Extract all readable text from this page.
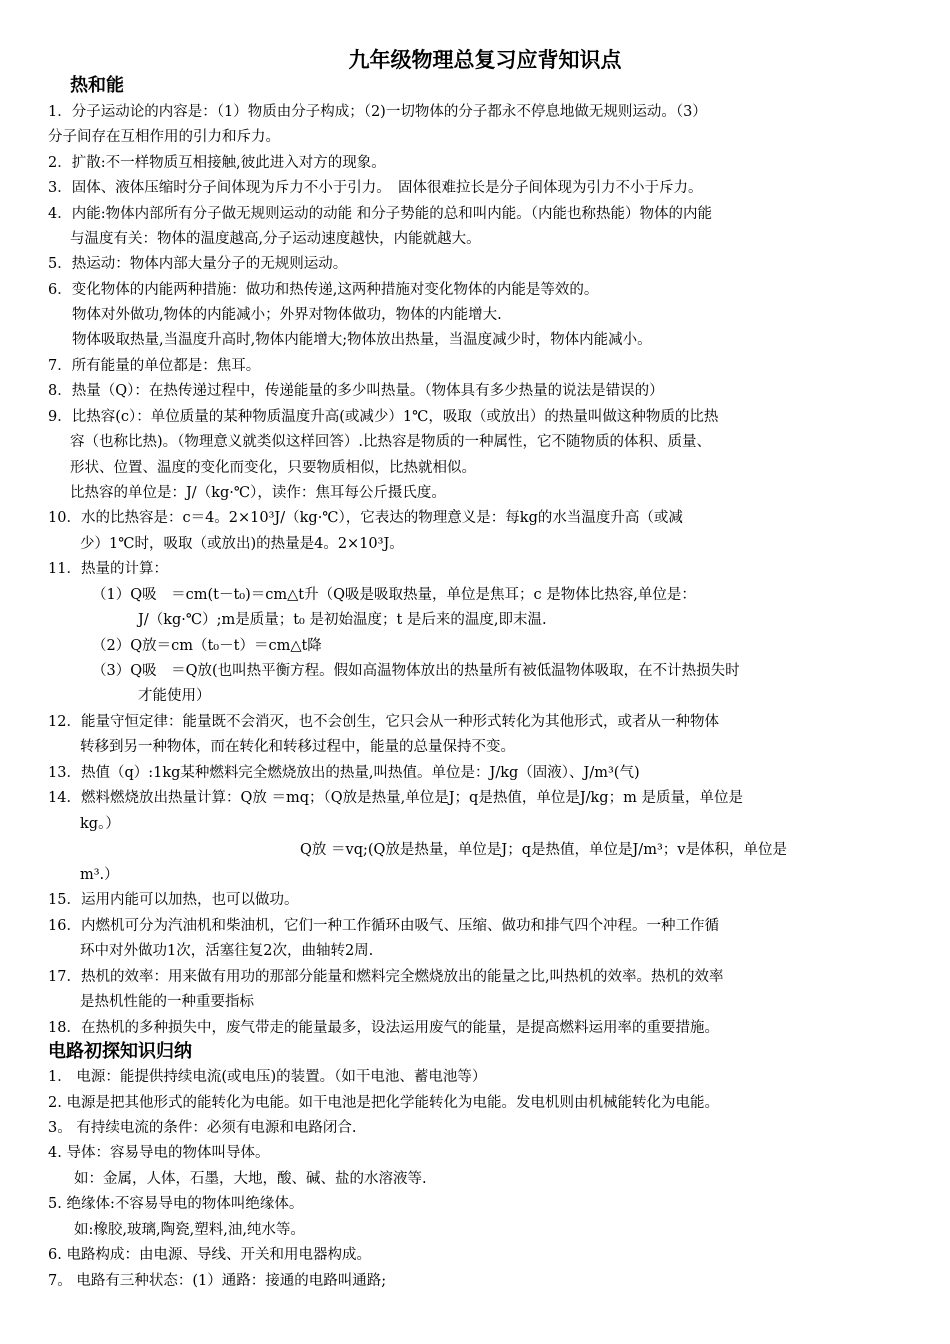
九年级物理总复习应背知识点
热和能
1．分子运动论的内容是：（1）物质由分子构成；（2)一切物体的分子都永不停息地做无规则运动。（3）
分子间存在互相作用的引力和斥力。
2．扩散:不一样物质互相接触,彼此进入对方的现象。
3．固体、液体压缩时分子间体现为斥力不小于引力。　固体很难拉长是分子间体现为引力不小于斥力。
4．内能:物体内部所有分子做无规则运动的动能 和分子势能的总和叫内能。（内能也称热能）物体的内能
与温度有关：物体的温度越高,分子运动速度越快，内能就越大。
5．热运动：物体内部大量分子的无规则运动。
6．变化物体的内能两种措施：做功和热传递,这两种措施对变化物体的内能是等效的。
物体对外做功,物体的内能减小；外界对物体做功，物体的内能增大.
物体吸取热量,当温度升高时,物体内能增大;物体放出热量，当温度减少时，物体内能减小。
7．所有能量的单位都是：焦耳。
8．热量（Q）：在热传递过程中，传递能量的多少叫热量。（物体具有多少热量的说法是错误的）
9．比热容(c）：单位质量的某种物质温度升高(或减少）1℃，吸取（或放出）的热量叫做这种物质的比热
容（也称比热)。（物理意义就类似这样回答）.比热容是物质的一种属性，它不随物质的体积、质量、
形状、位置、温度的变化而变化，只要物质相似，比热就相似。
比热容的单位是：J/（kg·℃），读作：焦耳每公斤摄氏度。
10．水的比热容是：c＝4。2×10³J/（kg·℃），它表达的物理意义是：每kg的水当温度升高（或减
少）1℃时，吸取（或放出)的热量是4。2×10³J。
11．热量的计算：
（1）Q吸　＝cm(t－t₀)＝cm△t升（Q吸是吸取热量，单位是焦耳；c 是物体比热容,单位是：
J/（kg·℃）;m是质量；t₀ 是初始温度；t 是后来的温度,即末温.
（2）Q放＝cm（t₀－t）＝cm△t降
（3）Q吸　＝Q放(也叫热平衡方程。假如高温物体放出的热量所有被低温物体吸取，在不计热损失时
才能使用）
12．能量守恒定律：能量既不会消灭，也不会创生，它只会从一种形式转化为其他形式，或者从一种物体
转移到另一种物体，而在转化和转移过程中，能量的总量保持不变。
13．热值（q）:1kg某种燃料完全燃烧放出的热量,叫热值。单位是：J/kg（固液）、J/m³(气)
14．燃料燃烧放出热量计算：Q放 ＝mq；（Q放是热量,单位是J；q是热值，单位是J/kg；m 是质量，单位是
kg。）
Q放 ＝vq;(Q放是热量，单位是J；q是热值，单位是J/m³；v是体积，单位是
m³.）
15．运用内能可以加热，也可以做功。
16．内燃机可分为汽油机和柴油机，它们一种工作循环由吸气、压缩、做功和排气四个冲程。一种工作循
环中对外做功1次，活塞往复2次，曲轴转2周.
17．热机的效率：用来做有用功的那部分能量和燃料完全燃烧放出的能量之比,叫热机的效率。热机的效率
是热机性能的一种重要指标
18．在热机的多种损失中，废气带走的能量最多，设法运用废气的能量，是提高燃料运用率的重要措施。
电路初探知识归纳
1． 电源：能提供持续电流(或电压)的装置。（如干电池、蓄电池等）
2. 电源是把其他形式的能转化为电能。如干电池是把化学能转化为电能。发电机则由机械能转化为电能。
3。 有持续电流的条件：必须有电源和电路闭合.
4. 导体：容易导电的物体叫导体。
如：金属，人体，石墨，大地，酸、碱、盐的水溶液等.
5. 绝缘体:不容易导电的物体叫绝缘体。
如:橡胶,玻璃,陶瓷,塑料,油,纯水等。
6. 电路构成：由电源、导线、开关和用电器构成。
7。 电路有三种状态：(1）通路：接通的电路叫通路;
